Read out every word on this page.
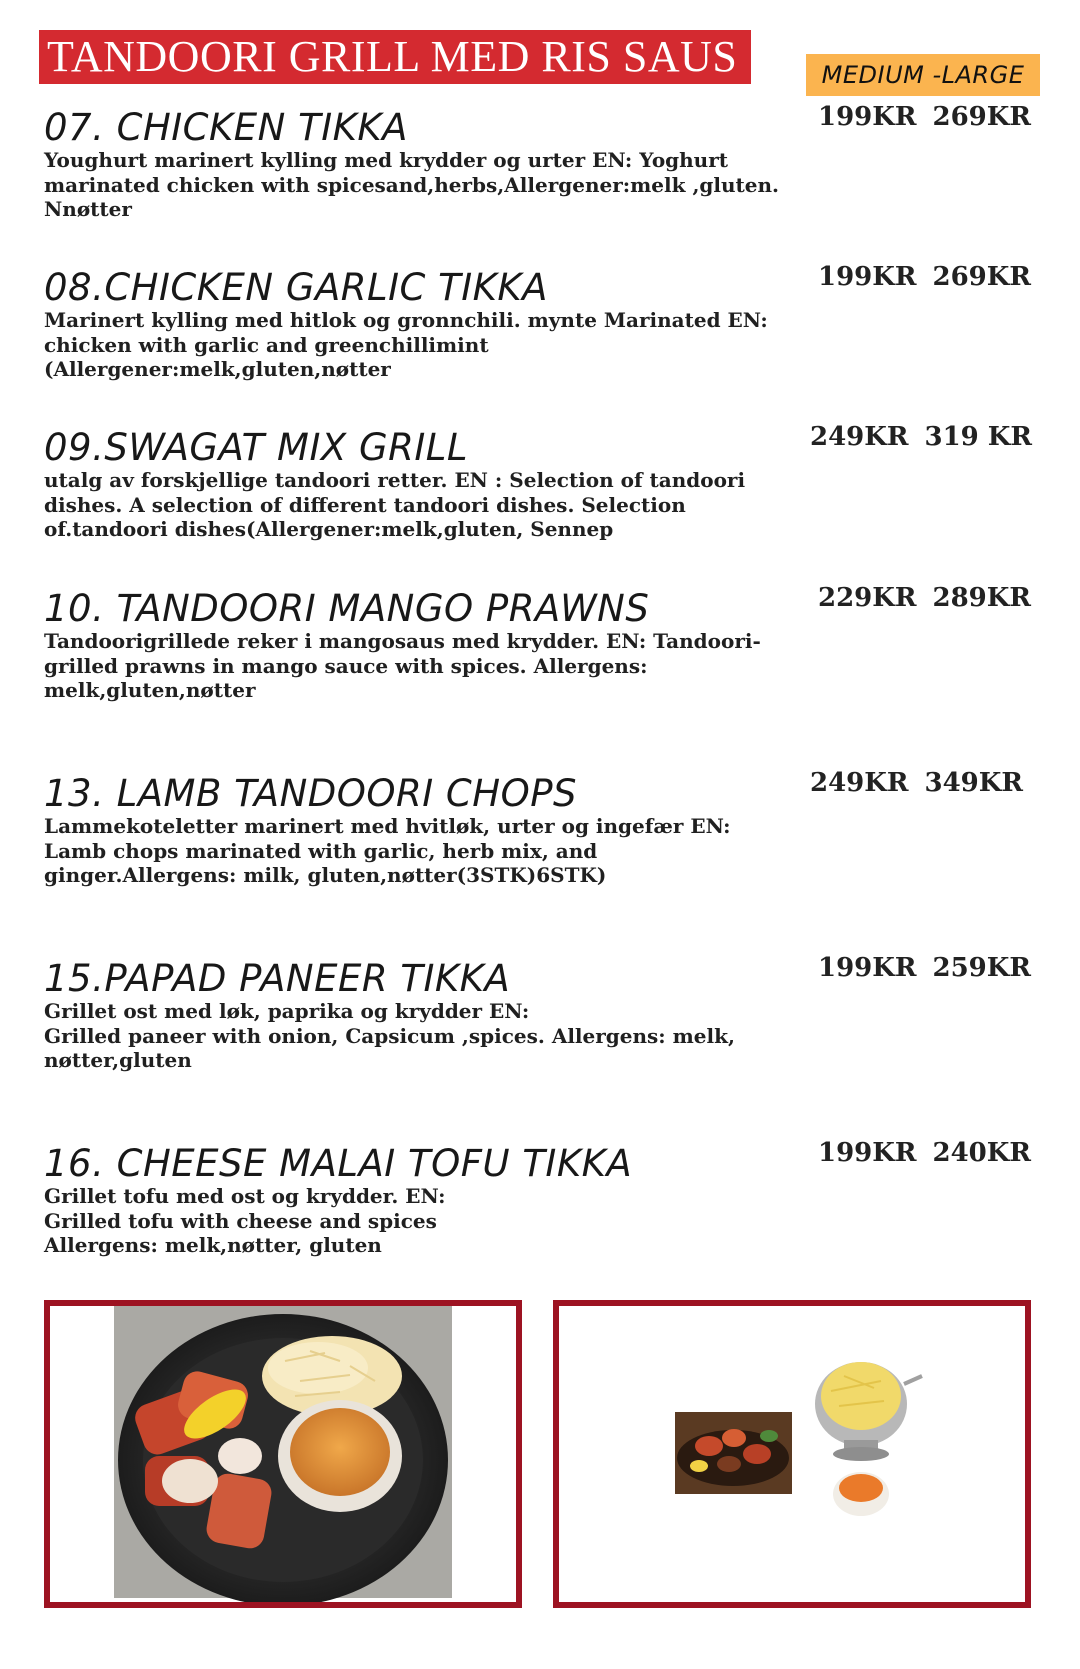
TANDOORI GRILL MED RIS SAUS	MEDIUM -LARGE
07. CHICKEN TIKKA
Youghurt marinert kylling med krydder og urter EN: Yoghurt
marinated chicken with spicesand,herbs,Allergener:melk ,gluten.
Nnøtter
199KR 269KR
08.CHICKEN GARLIC TIKKA
Marinert kylling med hitlok og gronnchili. mynte Marinated EN:
chicken with garlic and greenchillimint
(Allergener:melk,gluten,nøtter
199KR 269KR
09.SWAGAT MIX GRILL
utalg av forskjellige tandoori retter. EN : Selection of tandoori
dishes. A selection of different tandoori dishes. Selection
of.tandoori dishes(Allergener:melk,gluten, Sennep
249KR 319 KR
10. TANDOORI MANGO PRAWNS
Tandoorigrillede reker i mangosaus med krydder. EN: Tandoori-
grilled prawns in mango sauce with spices. Allergens:
melk,gluten,nøtter
229KR 289KR
13. LAMB TANDOORI CHOPS
Lammekoteletter marinert med hvitløk, urter og ingefær EN:
Lamb chops marinated with garlic, herb mix, and
ginger.Allergens: milk, gluten,nøtter(3STK)6STK)
249KR 349KR
15.PAPAD PANEER TIKKA
Grillet ost med løk, paprika og krydder EN:
Grilled paneer with onion, Capsicum ,spices. Allergens: melk,
nøtter,gluten
199KR 259KR
16. CHEESE MALAI TOFU TIKKA
Grillet tofu med ost og krydder. EN:
Grilled tofu with cheese and spices
Allergens: melk,nøtter, gluten
199KR 240KR
